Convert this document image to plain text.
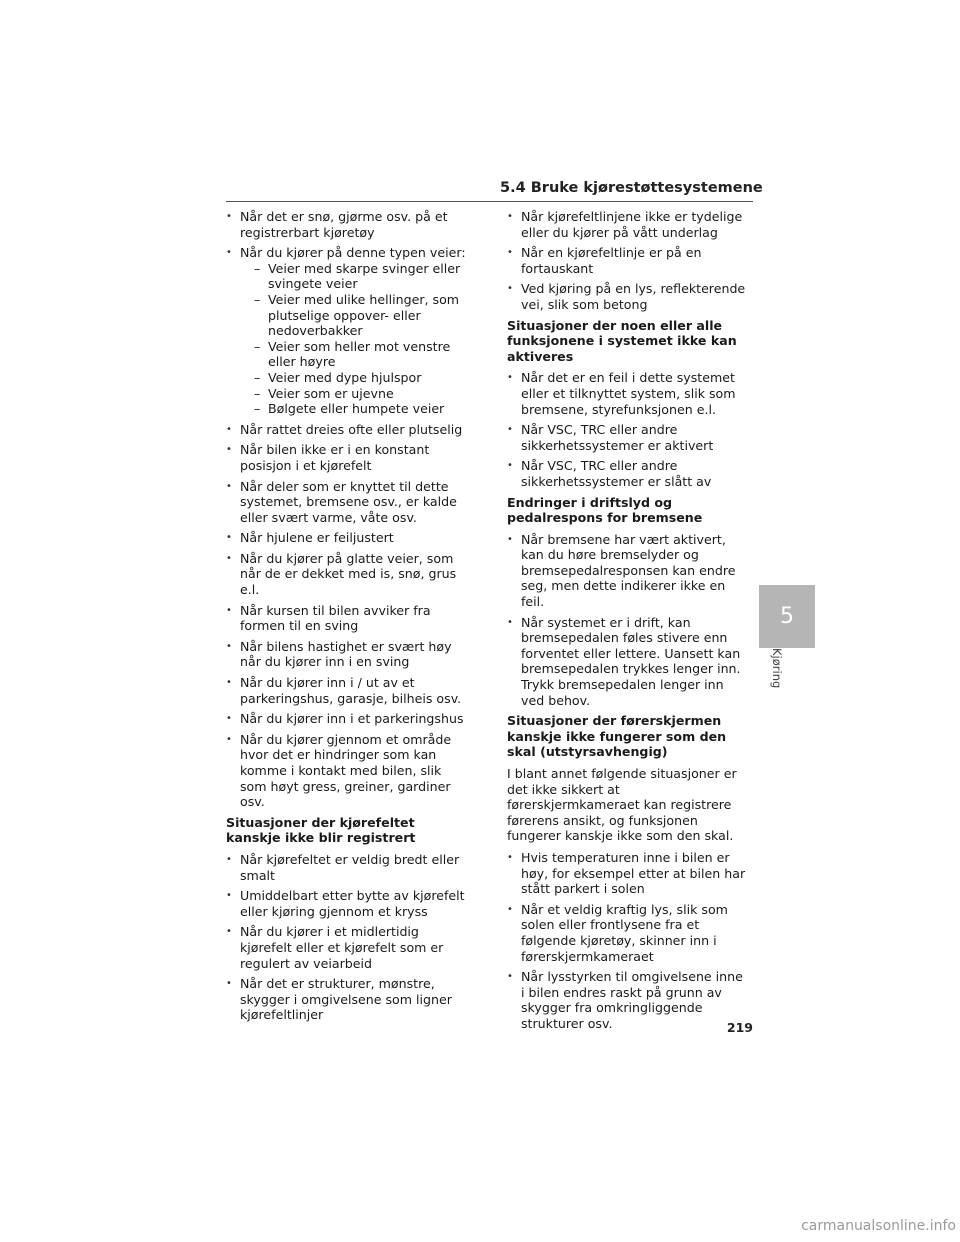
5.4 Bruke kjørestøttesystemene
• Når det er snø, gjørme osv. på et registrerbart kjøretøy
• Når du kjører på denne typen veier:
– Veier med skarpe svinger eller svingete veier
– Veier med ulike hellinger, som plutselige oppover- eller nedoverbakker
– Veier som heller mot venstre eller høyre
– Veier med dype hjulspor
– Veier som er ujevne
– Bølgete eller humpete veier
• Når rattet dreies ofte eller plutselig
• Når bilen ikke er i en konstant posisjon i et kjørefelt
• Når deler som er knyttet til dette systemet, bremsene osv., er kalde eller svært varme, våte osv.
• Når hjulene er feiljustert
• Når du kjører på glatte veier, som når de er dekket med is, snø, grus e.l.
• Når kursen til bilen avviker fra formen til en sving
• Når bilens hastighet er svært høy når du kjører inn i en sving
• Når du kjører inn i / ut av et parkeringshus, garasje, bilheis osv.
• Når du kjører inn i et parkeringshus
• Når du kjører gjennom et område hvor det er hindringer som kan komme i kontakt med bilen, slik som høyt gress, greiner, gardiner osv.
Situasjoner der kjørefeltet kanskje ikke blir registrert
• Når kjørefeltet er veldig bredt eller smalt
• Umiddelbart etter bytte av kjørefelt eller kjøring gjennom et kryss
• Når du kjører i et midlertidig kjørefelt eller et kjørefelt som er regulert av veiarbeid
• Når det er strukturer, mønstre, skygger i omgivelsene som ligner kjørefeltlinjer
• Når kjørefeltlinjene ikke er tydelige eller du kjører på vått underlag
• Når en kjørefeltlinje er på en fortauskant
• Ved kjøring på en lys, reflekterende vei, slik som betong
Situasjoner der noen eller alle funksjonene i systemet ikke kan aktiveres
• Når det er en feil i dette systemet eller et tilknyttet system, slik som bremsene, styrefunksjonen e.l.
• Når VSC, TRC eller andre sikkerhetssystemer er aktivert
• Når VSC, TRC eller andre sikkerhetssystemer er slått av
Endringer i driftslyd og pedalrespons for bremsene
• Når bremsene har vært aktivert, kan du høre bremselyder og bremsepedalresponsen kan endre seg, men dette indikerer ikke en feil.
• Når systemet er i drift, kan bremsepedalen føles stivere enn forventet eller lettere. Uansett kan bremsepedalen trykkes lenger inn. Trykk bremsepedalen lenger inn ved behov.
Situasjoner der førerskjermen kanskje ikke fungerer som den skal (utstyrsavhengig)
I blant annet følgende situasjoner er det ikke sikkert at førerskjermkameraet kan registrere førerens ansikt, og funksjonen fungerer kanskje ikke som den skal.
• Hvis temperaturen inne i bilen er høy, for eksempel etter at bilen har stått parkert i solen
• Når et veldig kraftig lys, slik som solen eller frontlysene fra et følgende kjøretøy, skinner inn i førerskjermkameraet
• Når lysstyrken til omgivelsene inne i bilen endres raskt på grunn av skygger fra omkringliggende strukturer osv.
5
Kjøring
219
carmanualsonline.info
